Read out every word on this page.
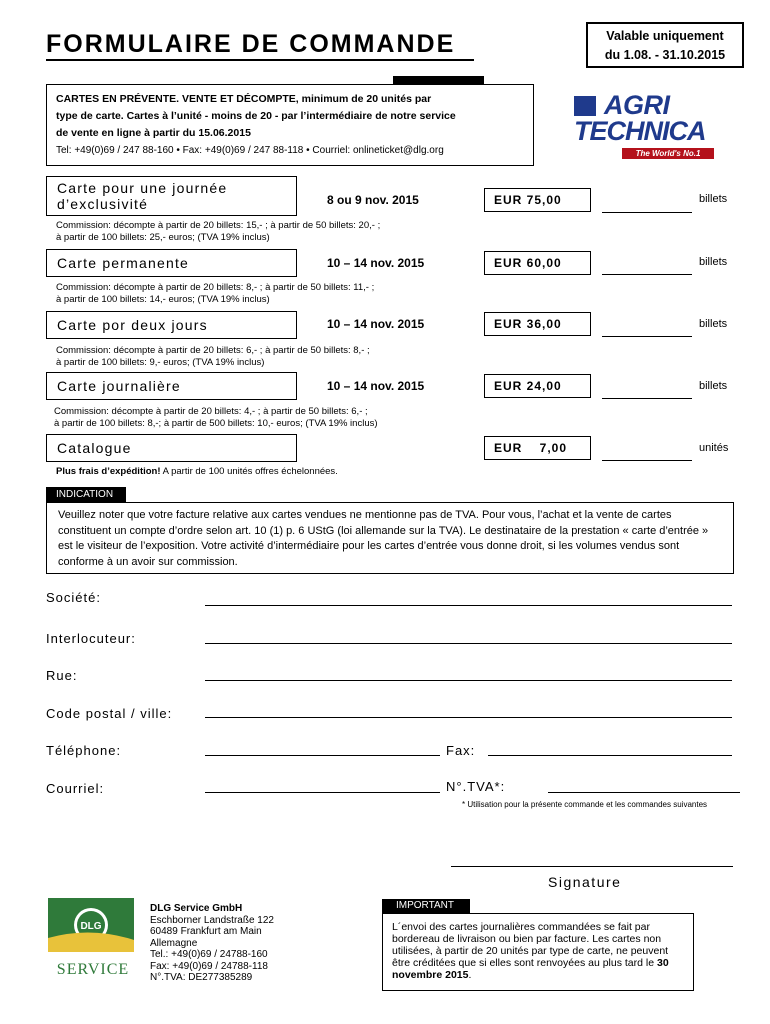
FORMULAIRE DE COMMANDE	Valable uniquement
du 1.08. - 31.10.2015
CARTES EN PRÉVENTE. VENTE ET DÉCOMPTE, minimum de 20 unités par
type de carte. Cartes à l’unité - moins de 20 - par l’intermédiaire de notre service
de vente en ligne à partir du 15.06.2015
Tel: +49(0)69 / 247 88-160 • Fax: +49(0)69 / 247 88-118 • Courriel: onlineticket@dlg.org
AGRI
TECHNICA
The World's No.1
Carte pour une journée
d’exclusivité	8 ou 9 nov. 2015	EUR 75,00	billets
Commission: décompte à partir de 20 billets: 15,- ; à partir de 50 billets: 20,- ;
à partir de 100 billets: 25,- euros; (TVA 19% inclus)
Carte permanente	10 – 14 nov. 2015	EUR 60,00	billets
Commission: décompte à partir de 20 billets: 8,- ; à partir de 50 billets: 11,- ;
à partir de 100 billets: 14,- euros; (TVA 19% inclus)
Carte por deux jours	10 – 14 nov. 2015	EUR 36,00	billets
Commission: décompte à partir de 20 billets: 6,- ; à partir de 50 billets: 8,- ;
à partir de 100 billets: 9,- euros; (TVA 19% inclus)
Carte journalière	10 – 14 nov. 2015	EUR 24,00	billets
Commission: décompte à partir de 20 billets: 4,- ; à partir de 50 billets: 6,- ;
à partir de 100 billets: 8,-; à partir de 500 billets: 10,- euros; (TVA 19% inclus)
Catalogue	EUR    7,00	unités
Plus frais d’expédition! A partir de 100 unités offres échelonnées.
INDICATION
Veuillez noter que votre facture relative aux cartes vendues ne mentionne pas de TVA. Pour vous, l’achat et la vente de cartes constituent un compte d’ordre selon art. 10 (1) p. 6 UStG (loi allemande sur la TVA). Le destinataire de la prestation « carte d’entrée » est le visiteur de l’exposition. Votre activité d’intermédiaire pour les cartes d’entrée vous donne droit, si les volumes vendus sont conforme à un avoir sur commission.
Société:
Interlocuteur:
Rue:
Code postal / ville:
Téléphone:	Fax:
Courriel:	N°.TVA*:
* Utilisation pour la présente commande et les commandes suivantes
Signature
DLG
SERVICE
DLG Service GmbH
Eschborner Landstraße 122
60489 Frankfurt am Main
Allemagne
Tel.: +49(0)69 / 24788-160
Fax: +49(0)69 / 24788-118
N°.TVA: DE277385289
IMPORTANT
L´envoi des cartes journalières commandées se fait par bordereau de livraison ou bien par facture. Les cartes non utilisées, à partir de 20 unités par type de carte, ne peuvent être créditées que si elles sont renvoyées au plus tard le 30 novembre 2015.
